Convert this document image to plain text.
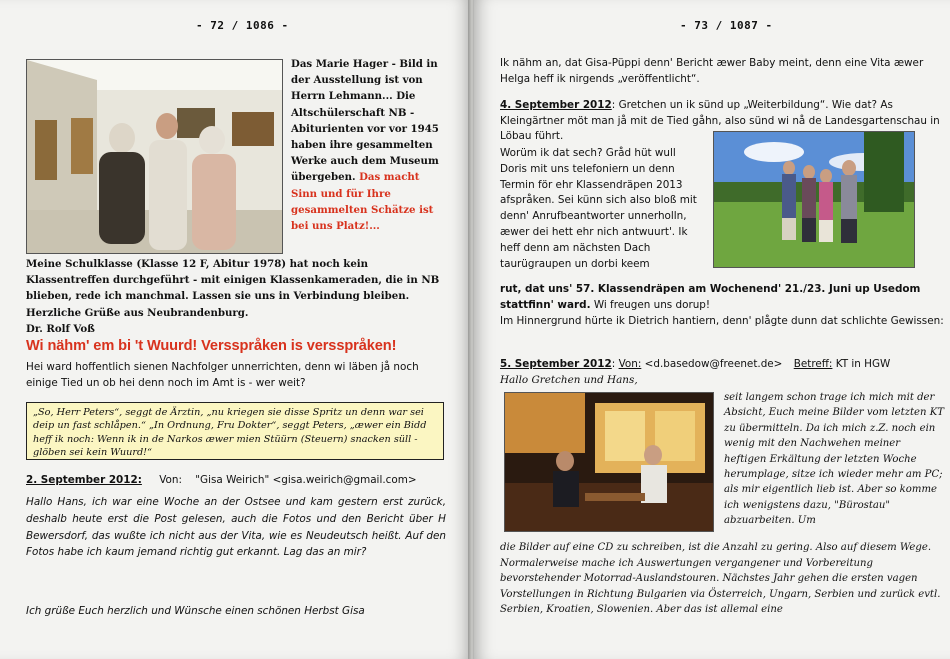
- 72 / 1086 -
Das Marie Hager - Bild in der Ausstellung ist von Herrn Lehmann... Die Altschülerschaft NB - Abiturienten vor vor 1945 haben ihre gesammelten Werke auch dem Museum übergeben. Das macht Sinn und für Ihre gesammelten Schätze ist bei uns Platz!...
Meine Schulklasse (Klasse 12 F, Abitur 1978) hat noch kein Klassentreffen durchgeführt - mit einigen Klassenkameraden, die in NB blieben, rede ich manchmal. Lassen sie uns in Verbindung bleiben. Herzliche Grüße aus Neubrandenburg.
Dr. Rolf Voß
Wi nähm' em bi 't Wuurd! Versspråken is versspråken!
Hei ward hoffentlich sienen Nachfolger unnerrichten, denn wi läben jå noch einige Tied un ob hei denn noch im Amt is - wer weit?
„So, Herr Peters“, seggt de Ärztin, „nu kriegen sie disse Spritz un denn war sei deip un fast schlåpen.“ „In Ordnung, Fru Dokter“, seggt Peters, „æwer ein Bidd heff ik noch: Wenn ik in de Narkos æwer mien Stüürn (Steuern) snacken süll - glöben sei kein Wuurd!“
2. September 2012: Von: "Gisa Weirich" <gisa.weirich@gmail.com>
Hallo Hans, ich war eine Woche an der Ostsee und kam gestern erst zurück, deshalb heute erst die Post gelesen, auch die Fotos und den Bericht über H Bewersdorf, das wußte ich nicht aus der Vita, wie es Neudeutsch heißt. Auf den Fotos habe ich kaum jemand richtig gut erkannt. Lag das an mir?
Ich grüße Euch herzlich und Wünsche einen schönen Herbst Gisa
- 73 / 1087 -
Ik nähm an, dat Gisa-Püppi denn' Bericht æwer Baby meint, denn eine Vita æwer Helga heff ik nirgends „veröffentlicht“.
4. September 2012: Gretchen un ik sünd up „Weiterbildung“. Wie dat? As Kleingärtner möt man jå mit de Tied gåhn, also sünd wi nå de Landesgartenschau in Löbau führt.
Worüm ik dat sech? Gråd hüt wull Doris mit uns telefoniern un denn Termin för ehr Klassendräpen 2013 afspråken. Sei künn sich also bloß mit denn' Anrufbeantworter unnerholln, æwer dei hett ehr nich antwuurt'. Ik heff denn am nächsten Dach taurügraupen un dorbi keem
rut, dat uns' 57. Klassendräpen am Wochenend' 21./23. Juni up Usedom stattfinn' ward. Wi freugen uns dorup!
Im Hinnergrund hürte ik Dietrich hantiern, denn' plågte dunn dat schlichte Gewissen:
5. September 2012: Von: <d.basedow@freenet.de> Betreff: KT in HGW
Hallo Gretchen und Hans,
seit langem schon trage ich mich mit der Absicht, Euch meine Bilder vom letzten KT zu übermitteln. Da ich mich z.Z. noch ein wenig mit den Nachwehen meiner heftigen Erkältung der letzten Woche herumplage, sitze ich wieder mehr am PC; als mir eigentlich lieb ist. Aber so komme ich wenigstens dazu, "Bürostau" abzuarbeiten. Um
die Bilder auf eine CD zu schreiben, ist die Anzahl zu gering. Also auf diesem Wege. Normalerweise mache ich Auswertungen vergangener und Vorbereitung bevorstehender Motorrad-Auslandstouren. Nächstes Jahr gehen die ersten vagen Vorstellungen in Richtung Bulgarien via Österreich, Ungarn, Serbien und zurück evtl. Serbien, Kroatien, Slowenien. Aber das ist allemal eine
